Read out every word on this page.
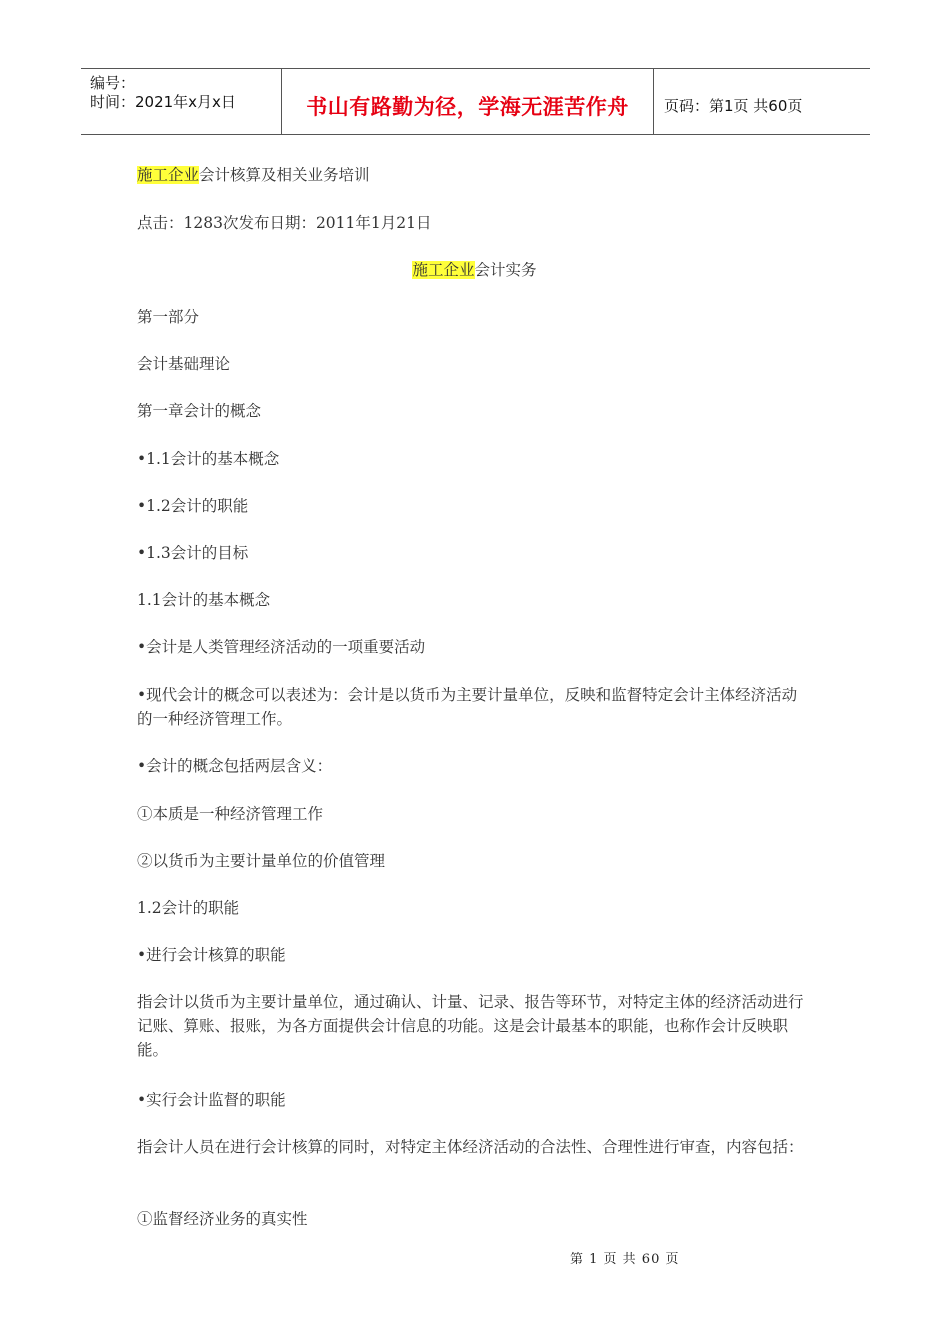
编号：
时间：2021年x月x日	书山有路勤为径，学海无涯苦作舟	页码：第1页 共60页
施工企业会计核算及相关业务培训
点击：1283次发布日期：2011年1月21日
施工企业会计实务
第一部分
会计基础理论
第一章会计的概念
•1.1会计的基本概念
•1.2会计的职能
•1.3会计的目标
1.1会计的基本概念
•会计是人类管理经济活动的一项重要活动
•现代会计的概念可以表述为：会计是以货币为主要计量单位，反映和监督特定会计主体经济活动的一种经济管理工作。
•会计的概念包括两层含义：
①本质是一种经济管理工作
②以货币为主要计量单位的价值管理
1.2会计的职能
•进行会计核算的职能
指会计以货币为主要计量单位，通过确认、计量、记录、报告等环节，对特定主体的经济活动进行记账、算账、报账，为各方面提供会计信息的功能。这是会计最基本的职能，也称作会计反映职能。
•实行会计监督的职能
指会计人员在进行会计核算的同时，对特定主体经济活动的合法性、合理性进行审查，内容包括：
①监督经济业务的真实性
第 1 页 共 60 页
